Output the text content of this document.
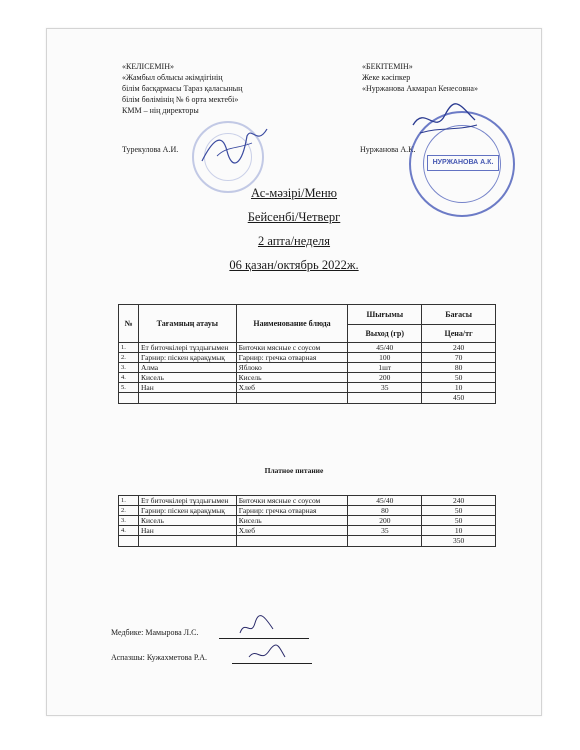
«КЕЛІСЕМІН»
«Жамбыл облысы әкімдігінің
білім басқармасы Тараз қаласының
білім бөлімінің № 6 орта мектебі»
КММ – нің директоры
Турекулова А.И.
«БЕКІТЕМІН»
Жеке кәсіпкер
«Нуржанова Акмарал Кенесовна»
Нуржанова А.К.
НУРЖАНОВА А.К.
Ас-мәзірі/Меню
Бейсенбі/Четверг
2 апта/неделя
06 қазан/октябрь 2022ж.
№	Тағамның атауы	Наименование блюда	Шығымы	Бағасы
			Выход (гр)	Цена/тг
1.	Ет биточкілері тұздығымен	Биточки мясные с соусом	45/40	240
2.	Гарнир: піскен қарақұмық	Гарнир: гречка отварная	100	70
3.	Алма	Яблоко	1шт	80
4.	Кисель	Кисель	200	50
5.	Нан	Хлеб	35	10
				450
Платное питание
1.	Ет биточкілері тұздығымен	Биточки мясные с соусом	45/40	240
2.	Гарнир: піскен қарақұмық	Гарнир: гречка отварная	80	50
3.	Кисель	Кисель	200	50
4.	Нан	Хлеб	35	10
				350
Медбике: Мамырова Л.С.
Аспазшы: Кужахметова Р.А.
